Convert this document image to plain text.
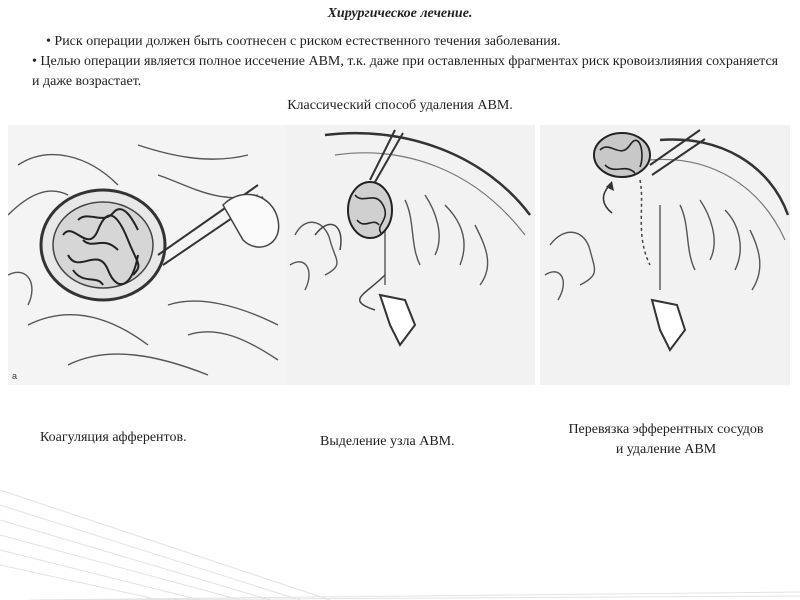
Хирургическое лечение.
• Риск операции должен быть соотнесен с риском естественного течения заболевания.
• Целью операции является полное иссечение АВМ, т.к. даже при оставленных фрагментах риск кровоизлияния сохраняется и даже возрастает.
Классический способ удаления АВМ.
a
Коагуляция афферентов.	Выделение узла АВМ.
Перевязка эфферентных сосудов
и удаление АВМ
